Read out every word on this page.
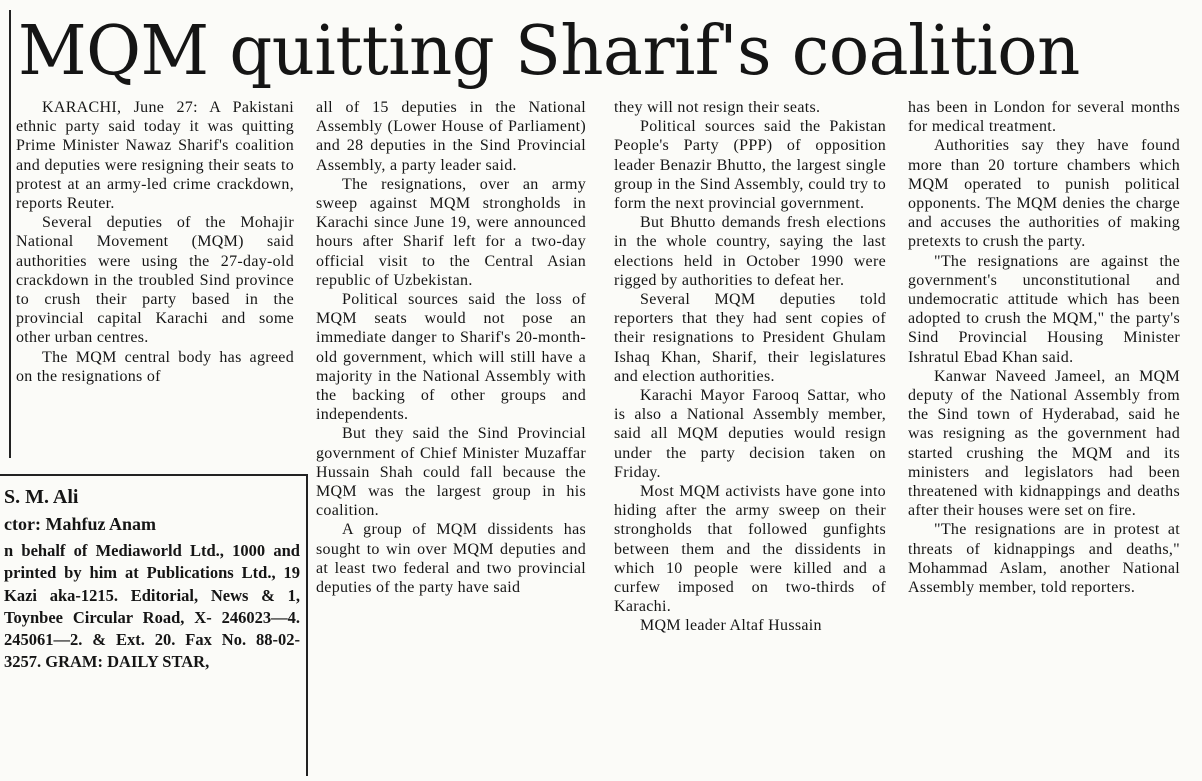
MQM quitting Sharif's coalition

KARACHI, June 27: A Pakistani ethnic party said today it was quitting Prime Minister Nawaz Sharif's coalition and deputies were resigning their seats to protest at an army-led crime crackdown, reports Reuter.

Several deputies of the Mohajir National Movement (MQM) said authorities were using the 27-day-old crackdown in the troubled Sind province to crush their party based in the provincial capital Karachi and some other urban centres.

The MQM central body has agreed on the resignations of

all of 15 deputies in the National Assembly (Lower House of Parliament) and 28 deputies in the Sind Provincial Assembly, a party leader said.

The resignations, over an army sweep against MQM strongholds in Karachi since June 19, were announced hours after Sharif left for a two-day official visit to the Central Asian republic of Uzbekistan.

Political sources said the loss of MQM seats would not pose an immediate danger to Sharif's 20-month-old government, which will still have a majority in the National Assembly with the backing of other groups and independents.

But they said the Sind Provincial government of Chief Minister Muzaffar Hussain Shah could fall because the MQM was the largest group in his coalition.

A group of MQM dissidents has sought to win over MQM deputies and at least two federal and two provincial deputies of the party have said

they will not resign their seats.

Political sources said the Pakistan People's Party (PPP) of opposition leader Benazir Bhutto, the largest single group in the Sind Assembly, could try to form the next provincial government.

But Bhutto demands fresh elections in the whole country, saying the last elections held in October 1990 were rigged by authorities to defeat her.

Several MQM deputies told reporters that they had sent copies of their resignations to President Ghulam Ishaq Khan, Sharif, their legislatures and election authorities.

Karachi Mayor Farooq Sattar, who is also a National Assembly member, said all MQM deputies would resign under the party decision taken on Friday.

Most MQM activists have gone into hiding after the army sweep on their strongholds that followed gunfights between them and the dissidents in which 10 people were killed and a curfew imposed on two-thirds of Karachi.

MQM leader Altaf Hussain

has been in London for several months for medical treatment.

Authorities say they have found more than 20 torture chambers which MQM operated to punish political opponents. The MQM denies the charge and accuses the authorities of making pretexts to crush the party.

"The resignations are against the government's unconstitutional and undemocratic attitude which has been adopted to crush the MQM," the party's Sind Provincial Housing Minister Ishratul Ebad Khan said.

Kanwar Naveed Jameel, an MQM deputy of the National Assembly from the Sind town of Hyderabad, said he was resigning as the government had started crushing the MQM and its ministers and legislators had been threatened with kidnappings and deaths after their houses were set on fire.

"The resignations are in protest at threats of kidnappings and deaths," Mohammad Aslam, another National Assembly member, told reporters.

S. M. Ali
ctor: Mahfuz Anam
n behalf of Mediaworld Ltd., 1000 and printed by him at Publications Ltd., 19 Kazi aka-1215. Editorial, News & 1, Toynbee Circular Road, X- 246023—4. 245061—2. & Ext. 20. Fax No. 88-02- 3257. GRAM: DAILY STAR,
